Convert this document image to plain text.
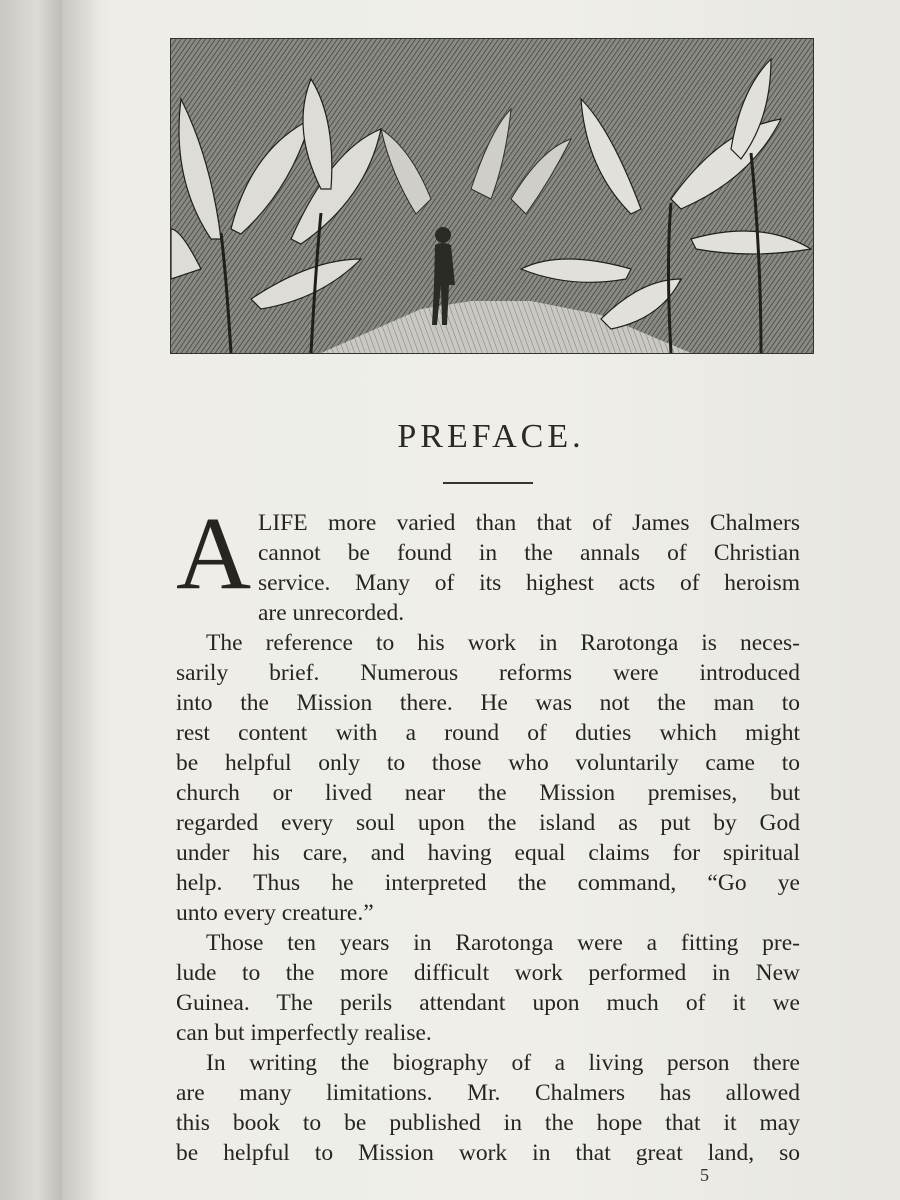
PREFACE.
A LIFE more varied than that of James Chalmers
cannot be found in the annals of Christian
service. Many of its highest acts of heroism
are unrecorded.
The reference to his work in Rarotonga is neces-
sarily brief. Numerous reforms were introduced
into the Mission there. He was not the man to
rest content with a round of duties which might
be helpful only to those who voluntarily came to
church or lived near the Mission premises, but
regarded every soul upon the island as put by God
under his care, and having equal claims for spiritual
help. Thus he interpreted the command, “Go ye
unto every creature.”
Those ten years in Rarotonga were a fitting pre-
lude to the more difficult work performed in New
Guinea. The perils attendant upon much of it we
can but imperfectly realise.
In writing the biography of a living person there
are many limitations. Mr. Chalmers has allowed
this book to be published in the hope that it may
be helpful to Mission work in that great land, so
5
